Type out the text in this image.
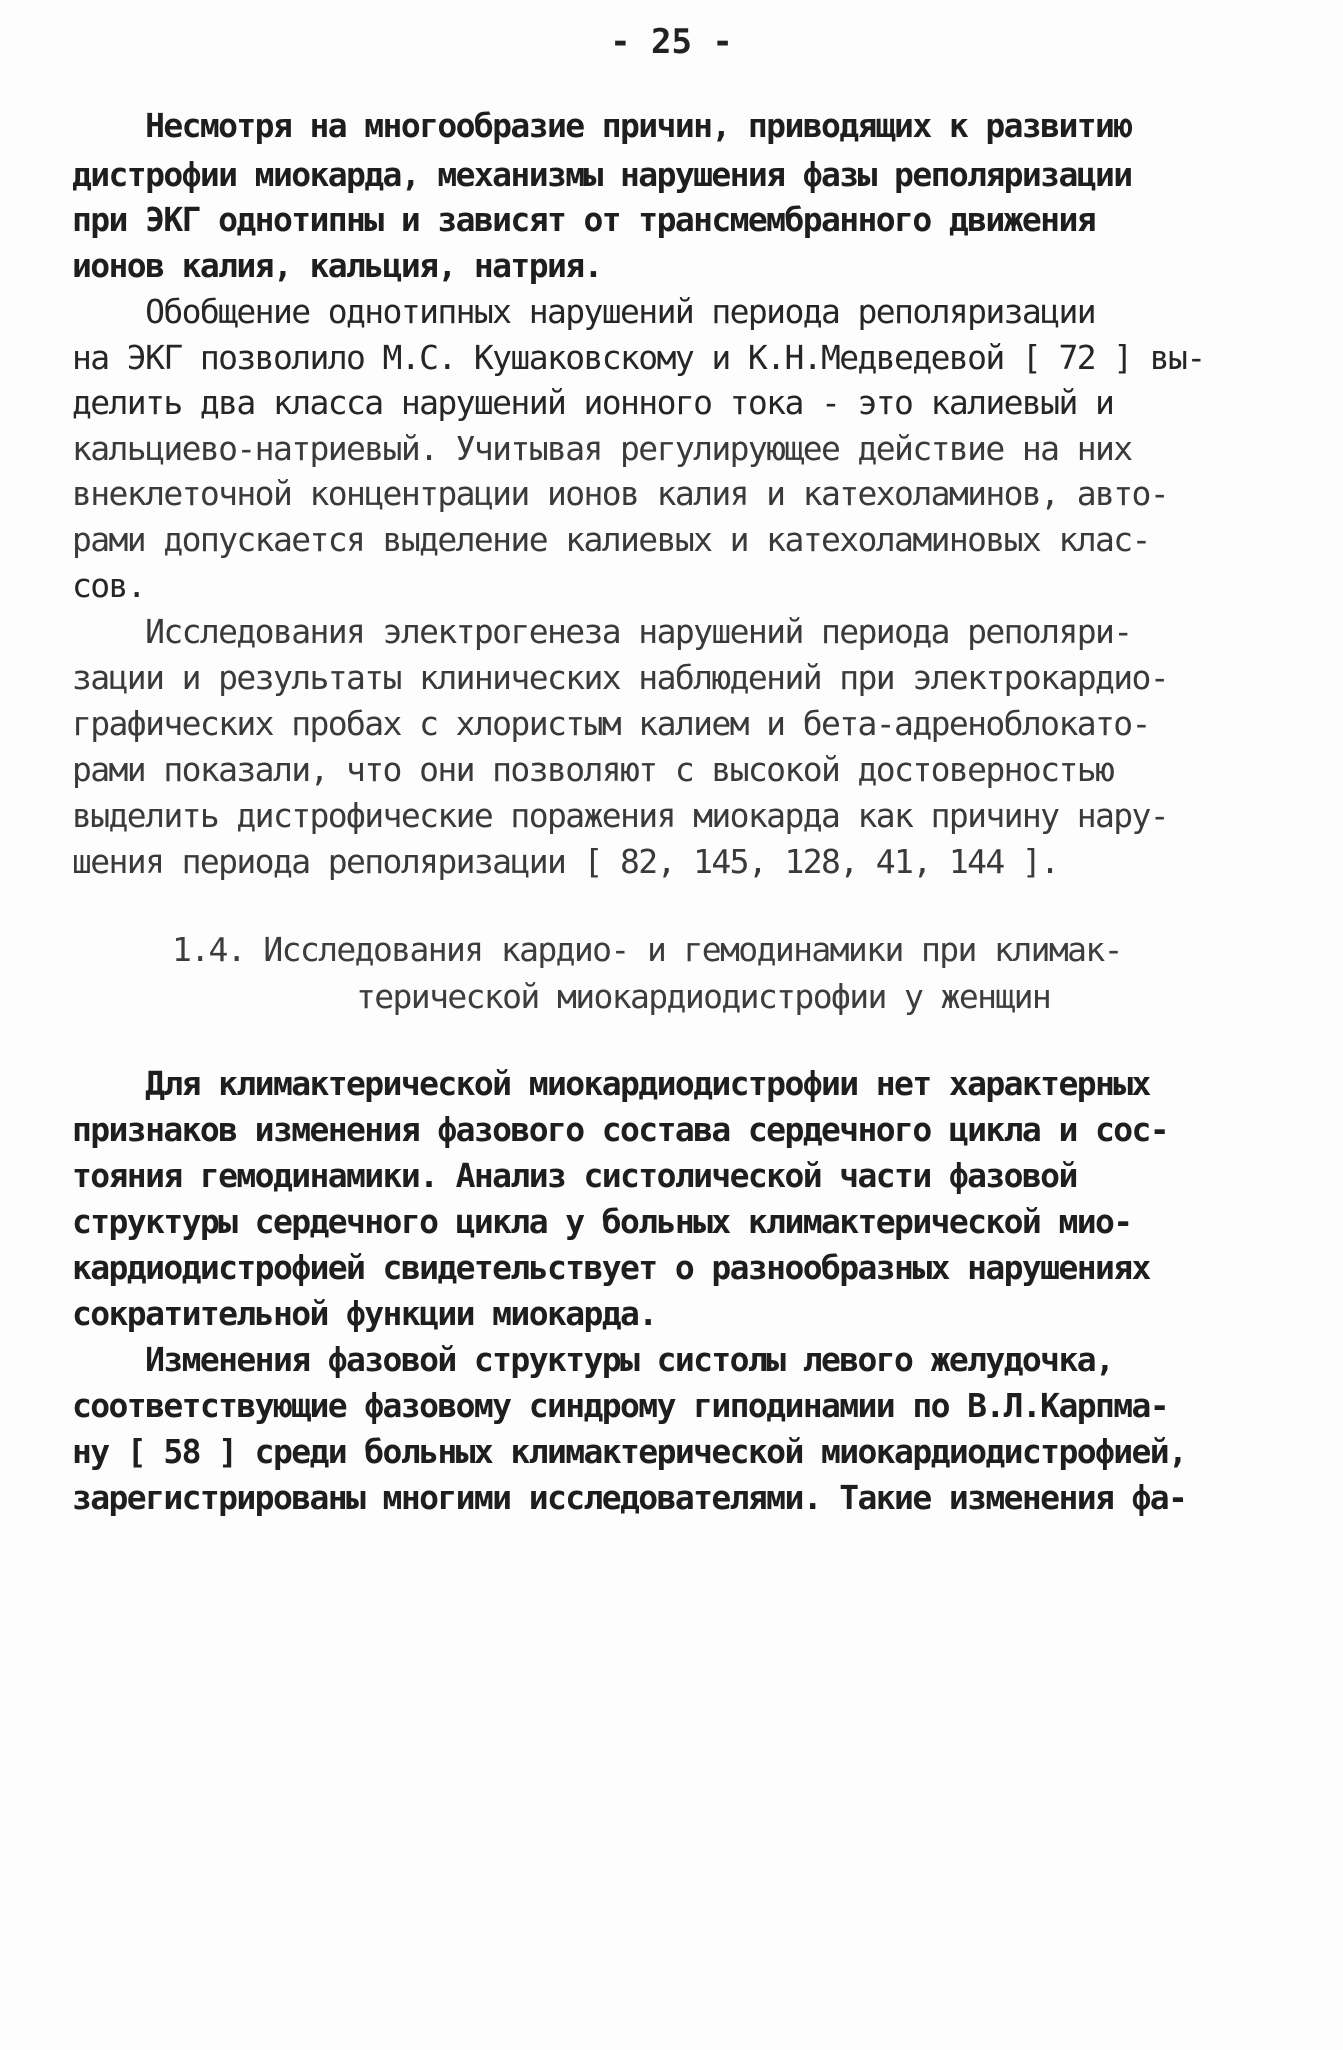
- 25 -
Несмотря на многообразие причин, приводящих к развитию
дистрофии миокарда, механизмы нарушения фазы реполяризации
при ЭКГ однотипны и зависят от трансмембранного движения
ионов калия, кальция, натрия.
Обобщение однотипных нарушений периода реполяризации
на ЭКГ позволило М.С. Кушаковскому и К.Н.Медведевой [ 72 ] вы-
делить два класса нарушений ионного тока - это калиевый и
кальциево-натриевый. Учитывая регулирующее действие на них
внеклеточной концентрации ионов калия и катехоламинов, авто-
рами допускается выделение калиевых и катехоламиновых клас-
сов.
Исследования электрогенеза нарушений периода реполяри-
зации и результаты клинических наблюдений при электрокардио-
графических пробах с хлористым калием и бета-адреноблокато-
рами показали, что они позволяют с высокой достоверностью
выделить дистрофические поражения миокарда как причину нару-
шения периода реполяризации [ 82, 145, 128, 41, 144 ].
1.4. Исследования кардио- и гемодинамики при климак-
терической миокардиодистрофии у женщин
Для климактерической миокардиодистрофии нет характерных
признаков изменения фазового состава сердечного цикла и сос-
тояния гемодинамики. Анализ систолической части фазовой
структуры сердечного цикла у больных климактерической мио-
кардиодистрофией свидетельствует о разнообразных нарушениях
сократительной функции миокарда.
Изменения фазовой структуры систолы левого желудочка,
соответствующие фазовому синдрому гиподинамии по В.Л.Карпма-
ну [ 58 ] среди больных климактерической миокардиодистрофией,
зарегистрированы многими исследователями. Такие изменения фа-
